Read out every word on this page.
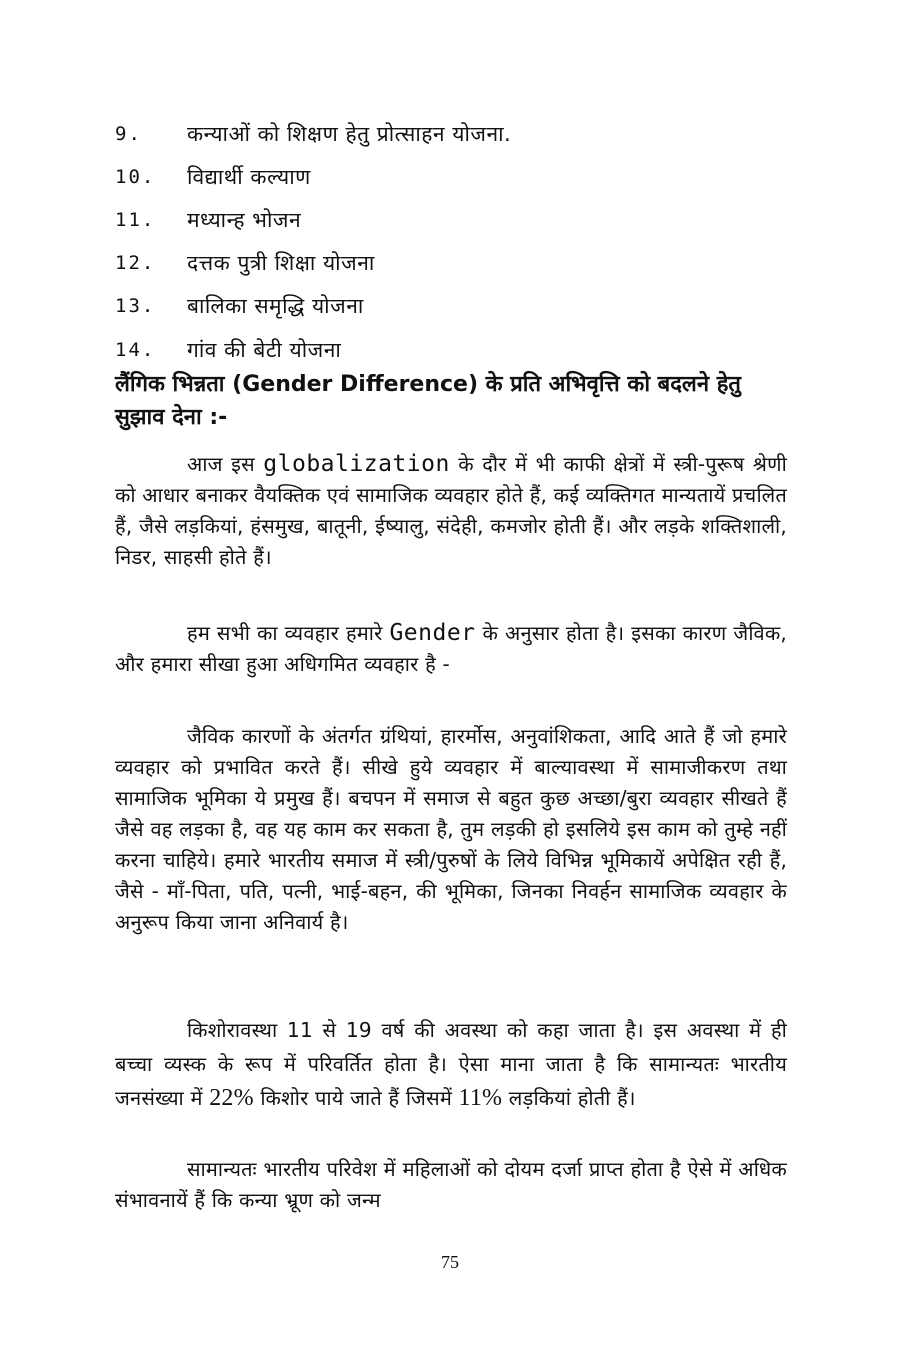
9.	कन्याओं को शिक्षण हेतु प्रोत्साहन योजना.
10.	विद्यार्थी कल्याण
11.	मध्यान्ह भोजन
12.	दत्तक पुत्री शिक्षा योजना
13.	बालिका समृद्धि योजना
14.	गांव की बेटी योजना
लैंगिक भिन्नता (Gender Difference) के प्रति अभिवृत्ति को बदलने हेतु सुझाव देना :-

आज इस globalization के दौर में भी काफी क्षेत्रों में स्त्री-पुरूष श्रेणी को आधार बनाकर वैयक्तिक एवं सामाजिक व्यवहार होते हैं, कई व्यक्तिगत मान्यतायें प्रचलित हैं, जैसे लड़कियां, हंसमुख, बातूनी, ईष्यालु, संदेही, कमजोर होती हैं। और लड़के शक्तिशाली, निडर, साहसी होते हैं।

हम सभी का व्यवहार हमारे Gender के अनुसार होता है। इसका कारण जैविक, और हमारा सीखा हुआ अधिगमित व्यवहार है -

जैविक कारणों के अंतर्गत ग्रंथियां, हारर्मोस, अनुवांशिकता, आदि आते हैं जो हमारे व्यवहार को प्रभावित करते हैं। सीखे हुये व्यवहार में बाल्यावस्था में सामाजीकरण तथा सामाजिक भूमिका ये प्रमुख हैं। बचपन में समाज से बहुत कुछ अच्छा/बुरा व्यवहार सीखते हैं जैसे वह लड़का है, वह यह काम कर सकता है, तुम लड़की हो इसलिये इस काम को तुम्हे नहीं करना चाहिये। हमारे भारतीय समाज में स्त्री/पुरुषों के लिये विभिन्न भूमिकायें अपेक्षित रही हैं, जैसे - माँ-पिता, पति, पत्नी, भाई-बहन, की भूमिका, जिनका निवर्हन सामाजिक व्यवहार के अनुरूप किया जाना अनिवार्य है।

किशोरावस्था 11 से 19 वर्ष की अवस्था को कहा जाता है। इस अवस्था में ही बच्चा व्यस्क के रूप में परिवर्तित होता है। ऐसा माना जाता है कि सामान्यतः भारतीय जनसंख्या में 22% किशोर पाये जाते हैं जिसमें 11% लड़कियां होती हैं।

सामान्यतः भारतीय परिवेश में महिलाओं को दोयम दर्जा प्राप्त होता है ऐसे में अधिक संभावनायें हैं कि कन्या भ्रूण को जन्म

75
